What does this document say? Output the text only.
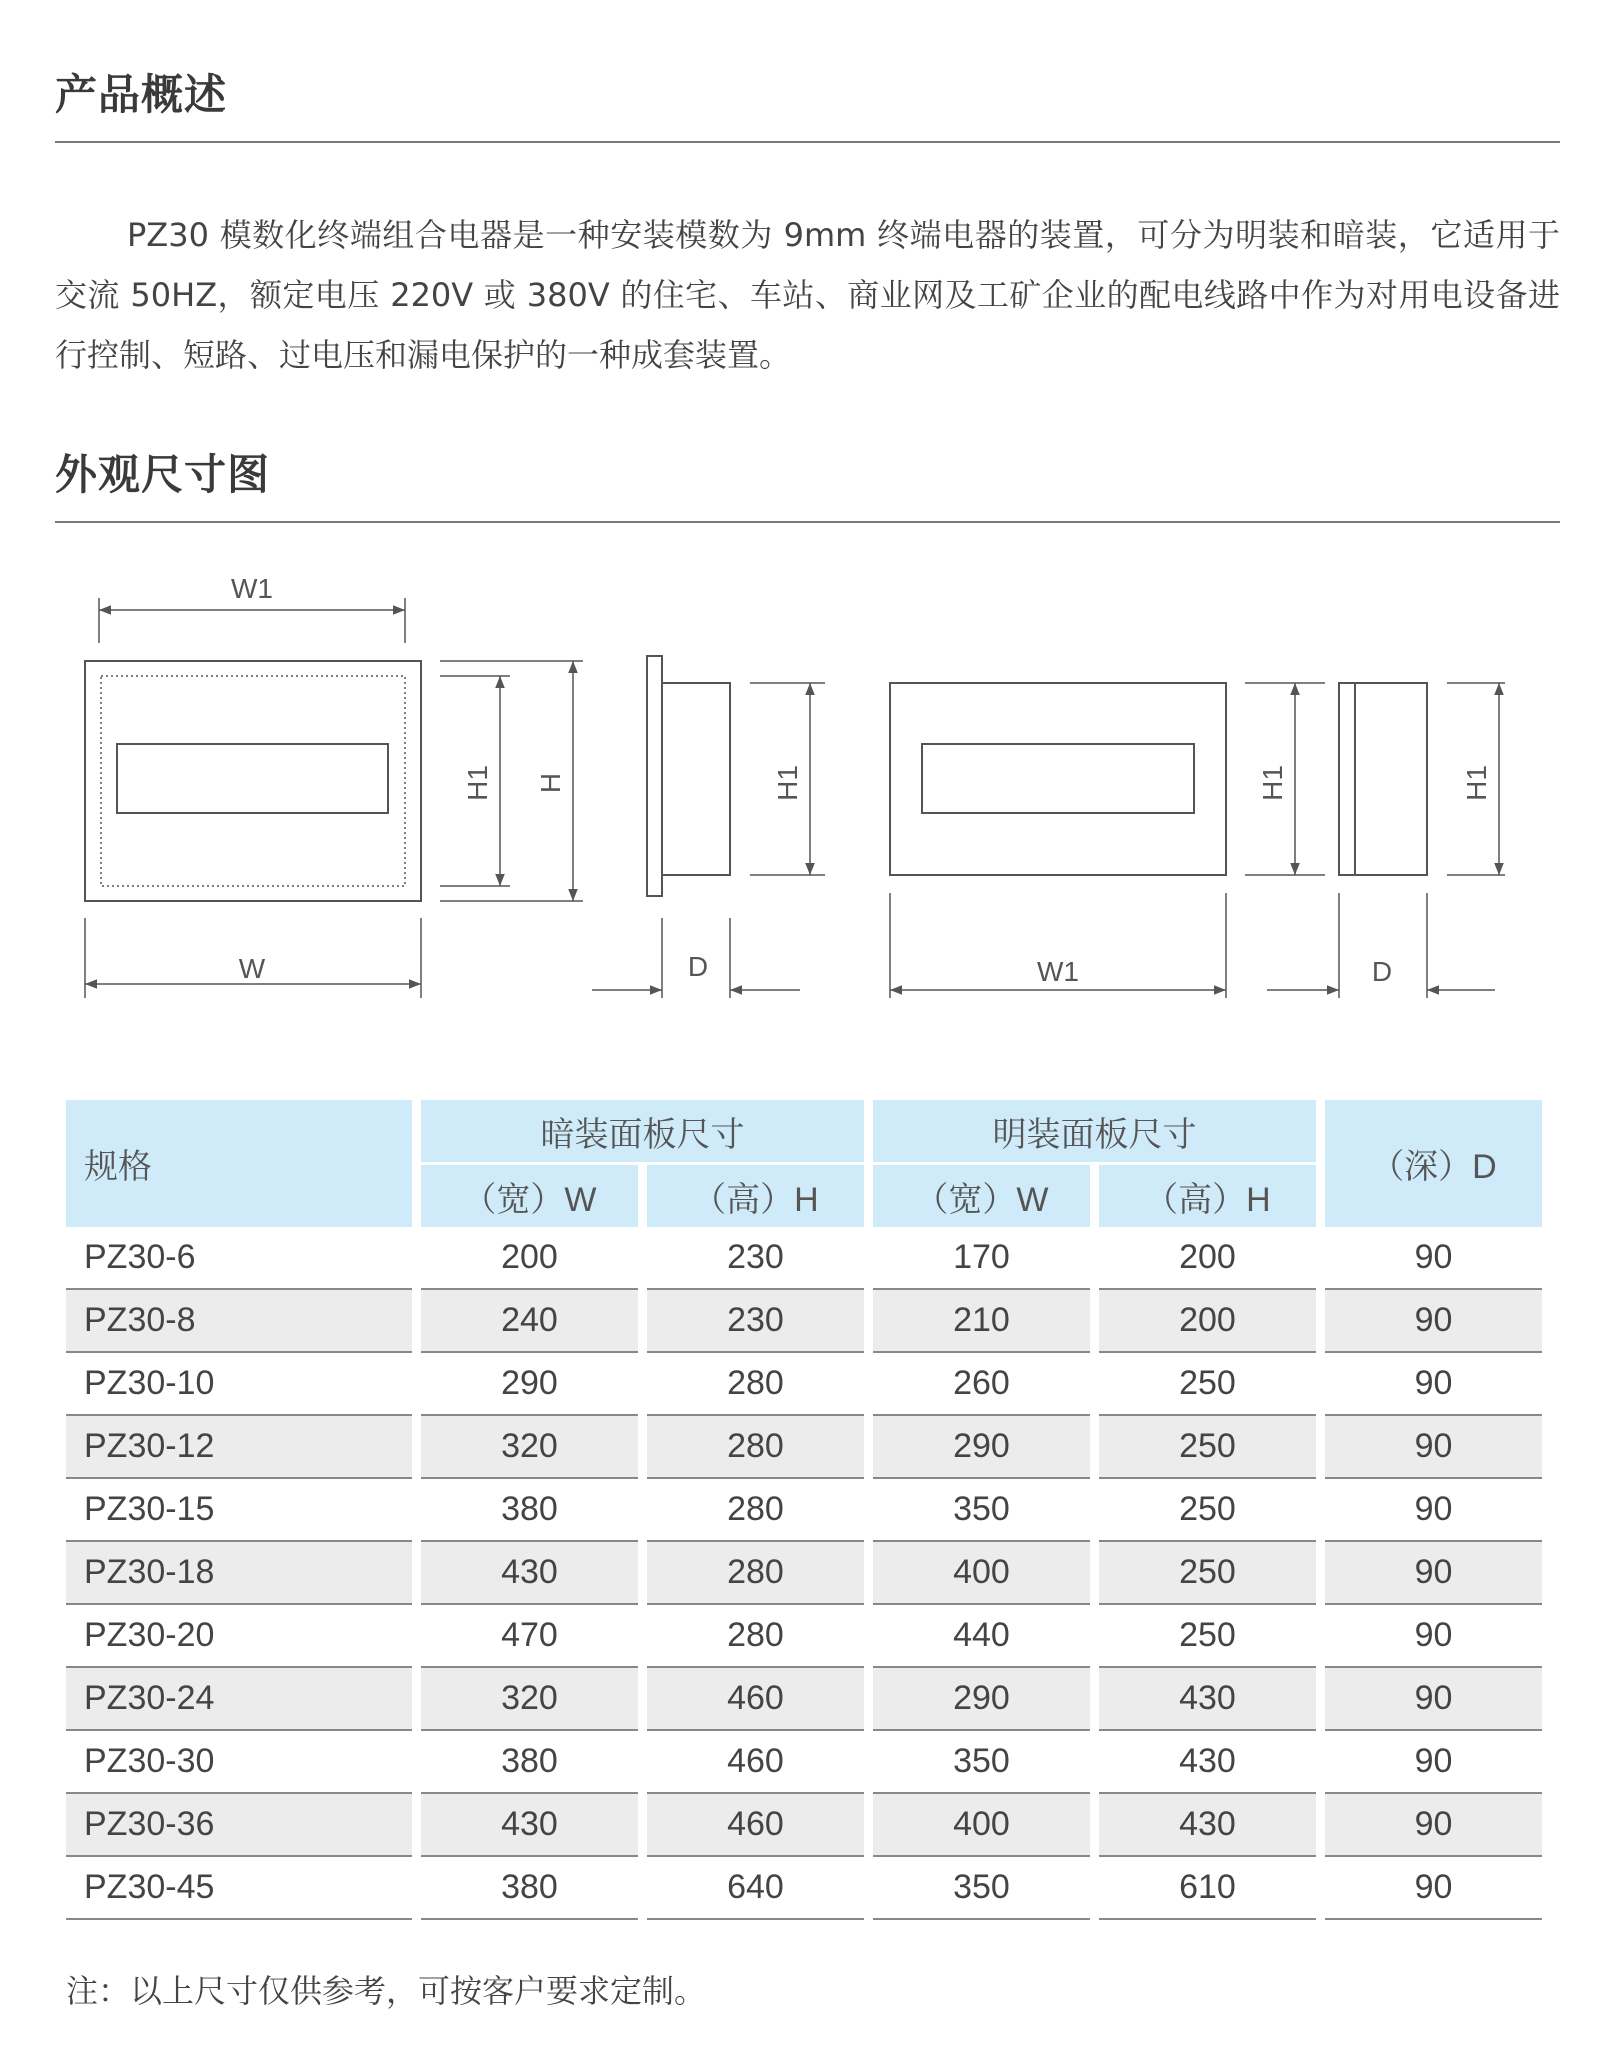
产品概述

PZ30 模数化终端组合电器是一种安装模数为 9mm 终端电器的装置，可分为明装和暗装，它适用于交流 50HZ，额定电压 220V 或 380V 的住宅、车站、商业网及工矿企业的配电线路中作为对用电设备进行控制、短路、过电压和漏电保护的一种成套装置。

外观尺寸图
W1
W
H1 H	H1
D
H1
W1
H1
D
规格	暗装面板尺寸		明装面板尺寸		（深）D
	（宽）W	（高）H	（宽）W	（高）H	
PZ30-6	200	230	170	200	90
PZ30-8	240	230	210	200	90
PZ30-10	290	280	260	250	90
PZ30-12	320	280	290	250	90
PZ30-15	380	280	350	250	90
PZ30-18	430	280	400	250	90
PZ30-20	470	280	440	250	90
PZ30-24	320	460	290	430	90
PZ30-30	380	460	350	430	90
PZ30-36	430	460	400	430	90
PZ30-45	380	640	350	610	90

注：以上尺寸仅供参考，可按客户要求定制。
